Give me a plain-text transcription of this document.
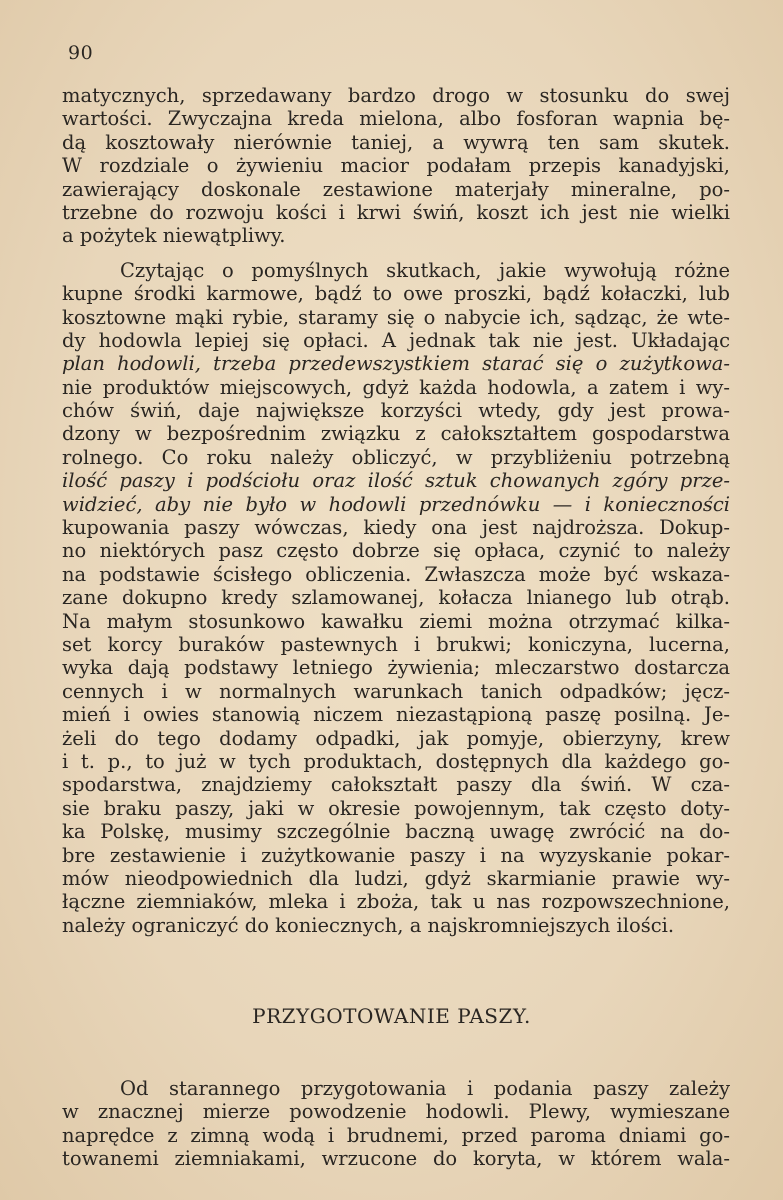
90
matycznych, sprzedawany bardzo drogo w stosunku do swej
wartości. Zwyczajna kreda mielona, albo fosforan wapnia bę-
dą kosztowały nierównie taniej, a wywrą ten sam skutek.
W rozdziale o żywieniu macior podałam przepis kanadyjski,
zawierający doskonale zestawione materjały mineralne, po-
trzebne do rozwoju kości i krwi świń, koszt ich jest nie wielki
a pożytek niewątpliwy.
Czytając o pomyślnych skutkach, jakie wywołują różne
kupne środki karmowe, bądź to owe proszki, bądź kołaczki, lub
kosztowne mąki rybie, staramy się o nabycie ich, sądząc, że wte-
dy hodowla lepiej się opłaci. A jednak tak nie jest. Układając
plan hodowli, trzeba przedewszystkiem starać się o zużytkowa-
nie produktów miejscowych, gdyż każda hodowla, a zatem i wy-
chów świń, daje największe korzyści wtedy, gdy jest prowa-
dzony w bezpośrednim związku z całokształtem gospodarstwa
rolnego. Co roku należy obliczyć, w przybliżeniu potrzebną
ilość paszy i podściołu oraz ilość sztuk chowanych zgóry prze-
widzieć, aby nie było w hodowli przednówku — i konieczności
kupowania paszy wówczas, kiedy ona jest najdroższa. Dokup-
no niektórych pasz często dobrze się opłaca, czynić to należy
na podstawie ścisłego obliczenia. Zwłaszcza może być wskaza-
zane dokupno kredy szlamowanej, kołacza lnianego lub otrąb.
Na małym stosunkowo kawałku ziemi można otrzymać kilka-
set korcy buraków pastewnych i brukwi; koniczyna, lucerna,
wyka dają podstawy letniego żywienia; mleczarstwo dostarcza
cennych i w normalnych warunkach tanich odpadków; jęcz-
mień i owies stanowią niczem niezastąpioną paszę posilną. Je-
żeli do tego dodamy odpadki, jak pomyje, obierzyny, krew
i t. p., to już w tych produktach, dostępnych dla każdego go-
spodarstwa, znajdziemy całokształt paszy dla świń. W cza-
sie braku paszy, jaki w okresie powojennym, tak często doty-
ka Polskę, musimy szczególnie baczną uwagę zwrócić na do-
bre zestawienie i zużytkowanie paszy i na wyzyskanie pokar-
mów nieodpowiednich dla ludzi, gdyż skarmianie prawie wy-
łączne ziemniaków, mleka i zboża, tak u nas rozpowszechnione,
należy ograniczyć do koniecznych, a najskromniejszych ilości.
PRZYGOTOWANIE PASZY.
Od starannego przygotowania i podania paszy zależy
w znacznej mierze powodzenie hodowli. Plewy, wymieszane
naprędce z zimną wodą i brudnemi, przed paroma dniami go-
towanemi ziemniakami, wrzucone do koryta, w którem wala-
